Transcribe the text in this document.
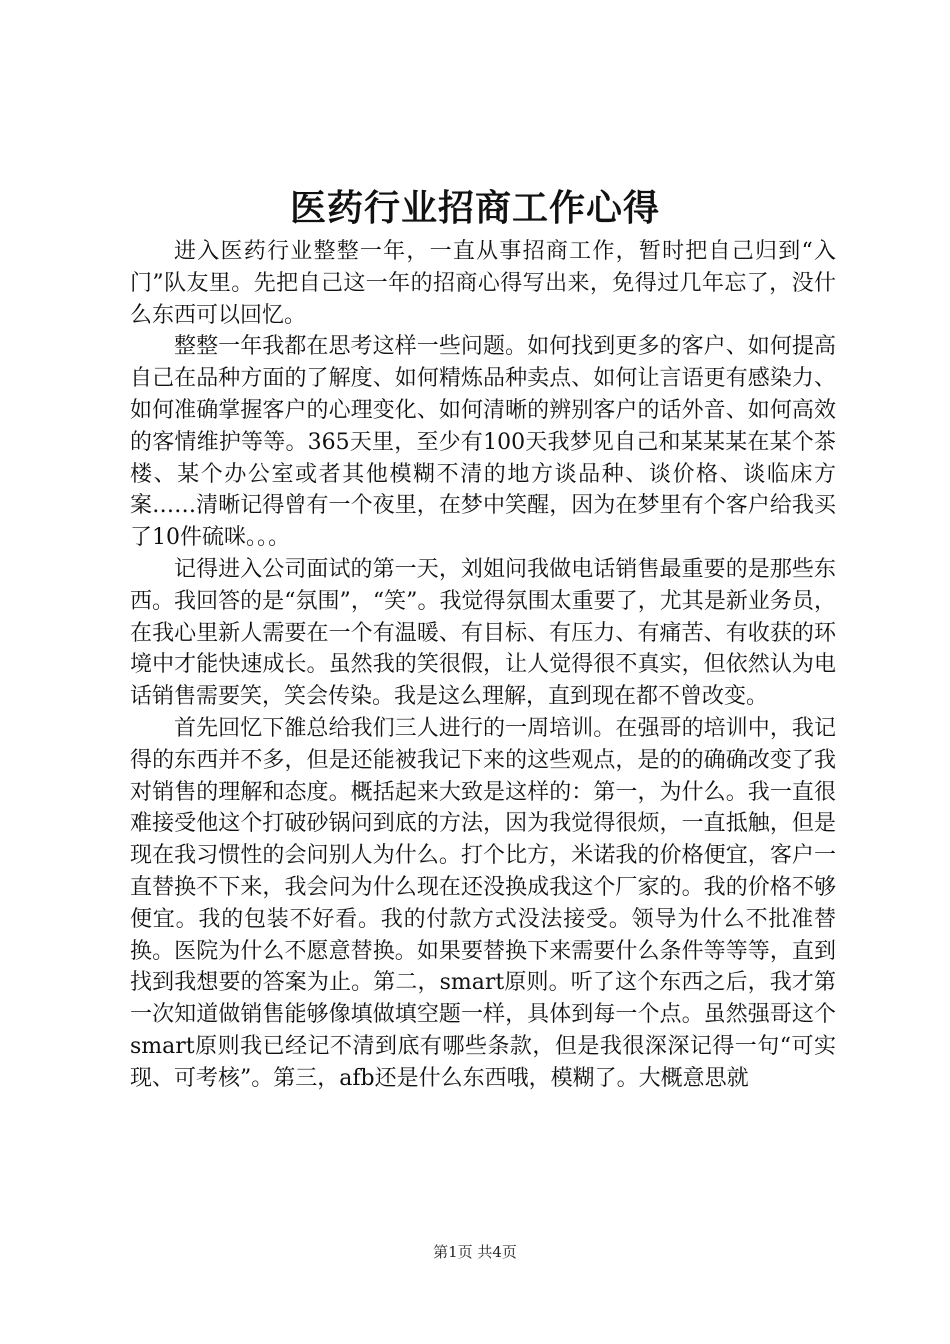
医药行业招商工作心得

进入医药行业整整一年，一直从事招商工作，暂时把自己归到“入门”队友里。先把自己这一年的招商心得写出来，免得过几年忘了，没什么东西可以回忆。

整整一年我都在思考这样一些问题。如何找到更多的客户、如何提高自己在品种方面的了解度、如何精炼品种卖点、如何让言语更有感染力、如何准确掌握客户的心理变化、如何清晰的辨别客户的话外音、如何高效的客情维护等等。365天里，至少有100天我梦见自己和某某某在某个茶楼、某个办公室或者其他模糊不清的地方谈品种、谈价格、谈临床方案……清晰记得曾有一个夜里，在梦中笑醒，因为在梦里有个客户给我买了10件硫咪。。。

记得进入公司面试的第一天，刘姐问我做电话销售最重要的是那些东西。我回答的是“氛围”，“笑”。我觉得氛围太重要了，尤其是新业务员，在我心里新人需要在一个有温暖、有目标、有压力、有痛苦、有收获的环境中才能快速成长。虽然我的笑很假，让人觉得很不真实，但依然认为电话销售需要笑，笑会传染。我是这么理解，直到现在都不曾改变。

首先回忆下雒总给我们三人进行的一周培训。在强哥的培训中，我记得的东西并不多，但是还能被我记下来的这些观点，是的的确确改变了我对销售的理解和态度。概括起来大致是这样的：第一，为什么。我一直很难接受他这个打破砂锅问到底的方法，因为我觉得很烦，一直抵触，但是现在我习惯性的会问别人为什么。打个比方，米诺我的价格便宜，客户一直替换不下来，我会问为什么现在还没换成我这个厂家的。我的价格不够便宜。我的包装不好看。我的付款方式没法接受。领导为什么不批准替换。医院为什么不愿意替换。如果要替换下来需要什么条件等等等，直到找到我想要的答案为止。第二，smart原则。听了这个东西之后，我才第一次知道做销售能够像填做填空题一样，具体到每一个点。虽然强哥这个smart原则我已经记不清到底有哪些条款，但是我很深深记得一句“可实现、可考核”。第三，afb还是什么东西哦，模糊了。大概意思就

第1页 共4页
